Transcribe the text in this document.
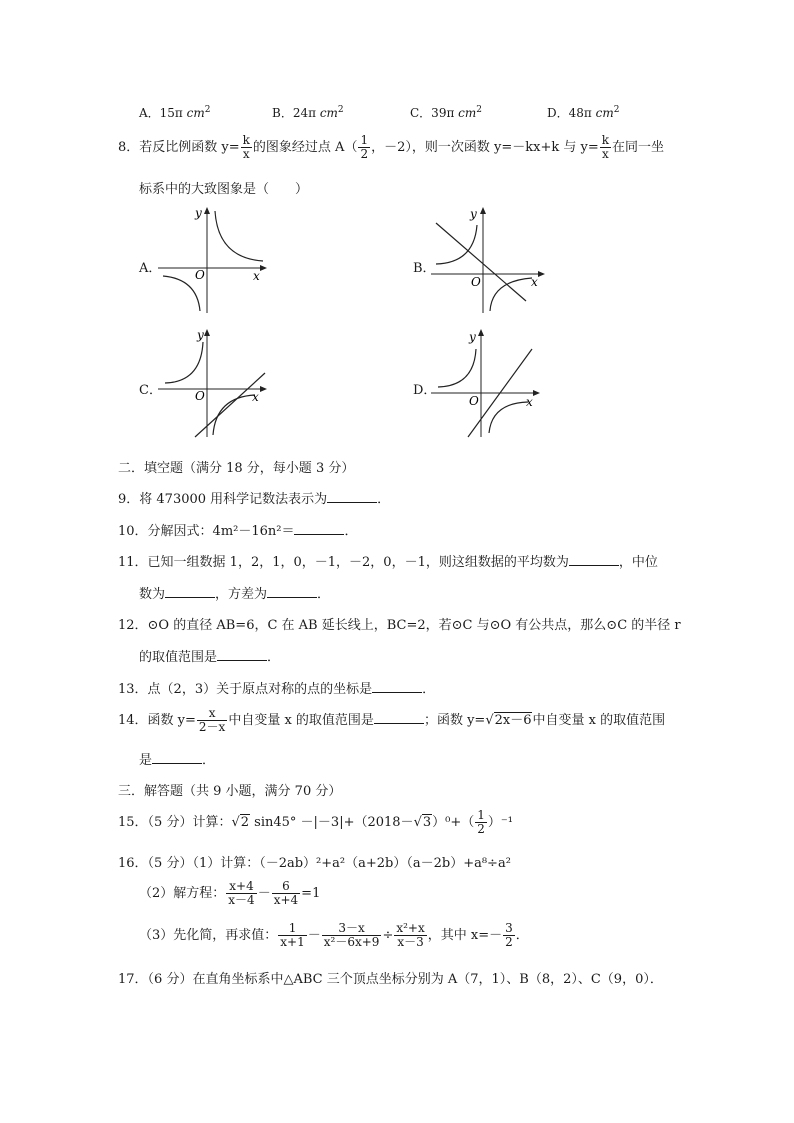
A．15π $cm^2$	B．24π $cm^2$	C．39π $cm^2$	D．48π $cm^2$
8．若反比例函数 $y= \frac{k}{x}$ 的图象经过点 $A( \frac{1}{2}$ ，－2），则一次函数 y=－kx+k 与 $y= \frac{k}{x}$ 在同一坐
标系中的大致图象是（　　）
A．
y
x
O	B．
y
x
O
C．
y
x
O	D．
y
x
O
二．填空题（满分 18 分，每小题 3 分）
9．将 473000 用科学记数法表示为	．
10．分解因式：4m²－16n²＝	．
11．已知一组数据 1，2，1，0，－1，－2，0，－1，则这组数据的平均数为	，中位
数为	，方差为	．
12．⊙O 的直径 AB=6，C 在 AB 延长线上，BC=2，若⊙C 与⊙O 有公共点，那么⊙C 的半径 r
的取值范围是	．
13．点（2，3）关于原点对称的点的坐标是	．
14．函数 $y= \frac{x}{2-x}$ 中自变量 x 的取值范围是	；函数 y=√2x－6中自变量 x 的取值范围
是	．
三．解答题（共 9 小题，满分 70 分）
15．（5 分）计算：√2 $\sin 45^\circ -|-3|+(2018-√3)^0+( \frac{1}{2} )^{-1}$
16．（5 分）（1）计算：（－2ab）²+a²（a+2b）（a－2b）+a⁸÷a²
（2）解方程： $\frac{x+4}{x-4} - \frac{6}{x+4} =1$
（3）先化简，再求值： $\frac{1}{x+1} - \frac{3-x}{\text{x²－6x+9}} \div \frac{\text{x²+x}}{x-3}$ ，其中 $x=- \frac{3}{2}$ ．
17．（6 分）在直角坐标系中△ABC 三个顶点坐标分别为 A（7，1）、B（8，2）、C（9，0）．
